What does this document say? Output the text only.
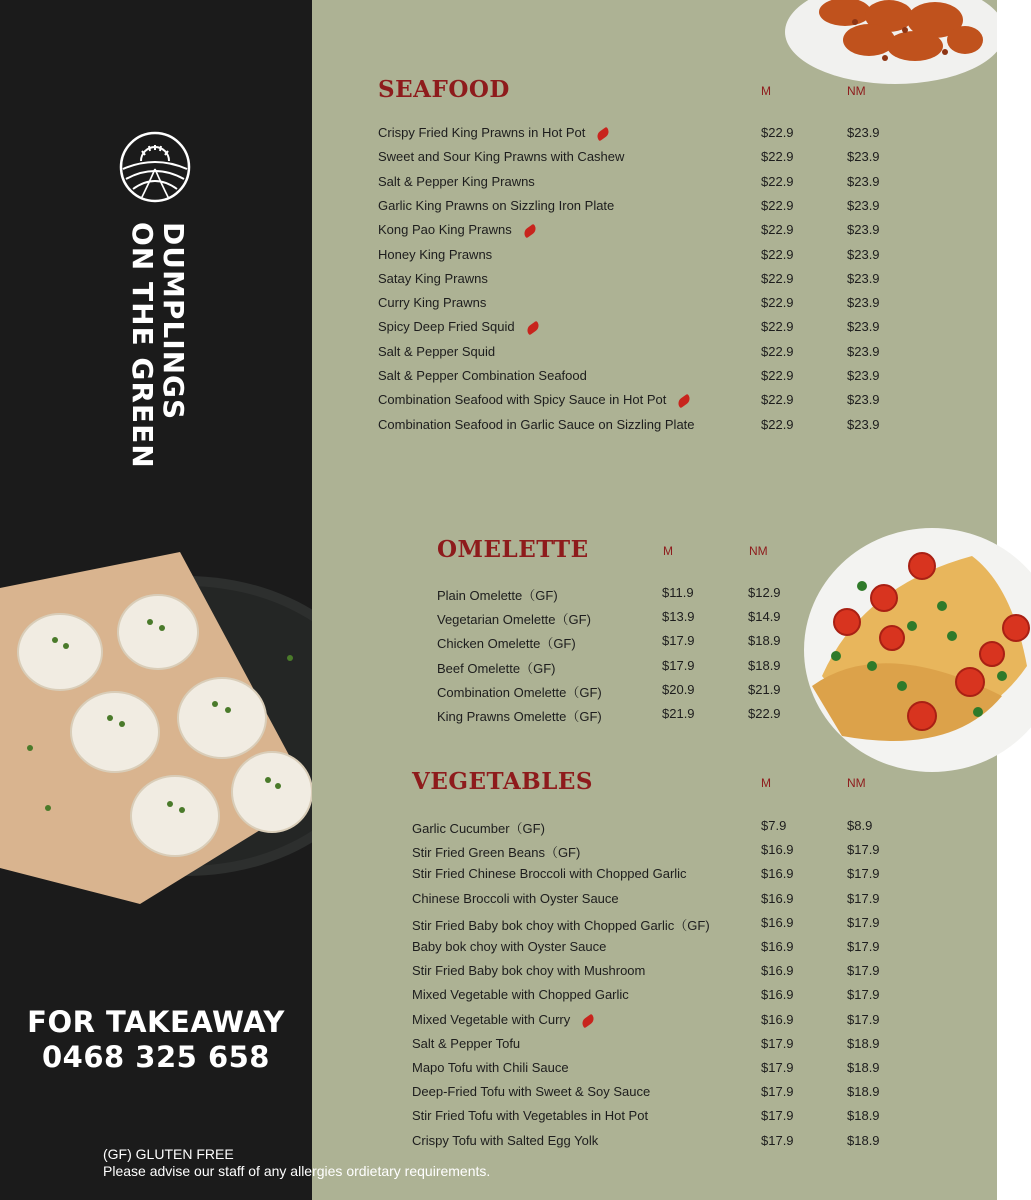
DUMPLINGS
ON THE GREEN
FOR TAKEAWAY
0468 325 658
(GF) GLUTEN FREE
Please advise our staff of any allergies ordietary requirements.
SEAFOOD	M	NM
Crispy Fried King Prawns in Hot Pot	$22.9	$23.9
Sweet and Sour King Prawns with Cashew	$22.9	$23.9
Salt & Pepper King Prawns	$22.9	$23.9
Garlic King Prawns on Sizzling Iron Plate	$22.9	$23.9
Kong Pao King Prawns	$22.9	$23.9
Honey King Prawns	$22.9	$23.9
Satay King Prawns	$22.9	$23.9
Curry King Prawns	$22.9	$23.9
Spicy Deep Fried Squid	$22.9	$23.9
Salt & Pepper Squid	$22.9	$23.9
Salt & Pepper Combination Seafood	$22.9	$23.9
Combination Seafood with Spicy Sauce in Hot Pot	$22.9	$23.9
Combination Seafood in Garlic Sauce on Sizzling Plate	$22.9	$23.9
OMELETTE	M	NM
Plain Omelette（GF)	$11.9	$12.9
Vegetarian Omelette（GF)	$13.9	$14.9
Chicken Omelette（GF)	$17.9	$18.9
Beef Omelette（GF)	$17.9	$18.9
Combination Omelette（GF)	$20.9	$21.9
King Prawns Omelette（GF)	$21.9	$22.9
VEGETABLES	M	NM
Garlic Cucumber（GF)	$7.9	$8.9
Stir Fried Green Beans（GF)	$16.9	$17.9
Stir Fried Chinese Broccoli with Chopped Garlic	$16.9	$17.9
Chinese Broccoli with Oyster Sauce	$16.9	$17.9
Stir Fried Baby bok choy with Chopped Garlic（GF)	$16.9	$17.9
Baby bok choy with Oyster Sauce	$16.9	$17.9
Stir Fried Baby bok choy with Mushroom	$16.9	$17.9
Mixed Vegetable with Chopped Garlic	$16.9	$17.9
Mixed Vegetable with Curry	$16.9	$17.9
Salt & Pepper Tofu	$17.9	$18.9
Mapo Tofu with Chili Sauce	$17.9	$18.9
Deep-Fried Tofu with Sweet & Soy Sauce	$17.9	$18.9
Stir Fried Tofu with Vegetables in Hot Pot	$17.9	$18.9
Crispy Tofu with Salted Egg Yolk	$17.9	$18.9
